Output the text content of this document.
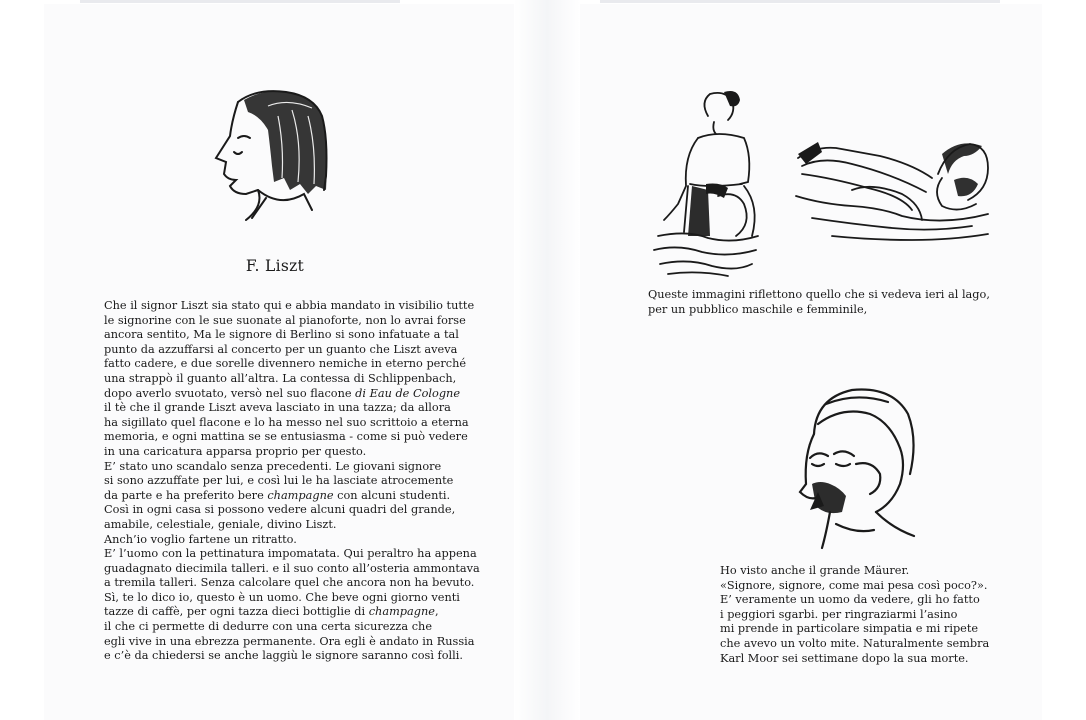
F. Liszt
Che il signor Liszt sia stato qui e abbia mandato in visibilio tutte
le signorine con le sue suonate al pianoforte, non lo avrai forse
ancora sentito, Ma le signore di Berlino si sono infatuate a tal
punto da azzuffarsi al concerto per un guanto che Liszt aveva
fatto cadere, e due sorelle divennero nemiche in eterno perché
una strappò il guanto all’altra. La contessa di Schlippenbach,
dopo averlo svuotato, versò nel suo flacone di Eau de Cologne
il tè che il grande Liszt aveva lasciato in una tazza; da allora
ha sigillato quel flacone e lo ha messo nel suo scrittoio a eterna
memoria, e ogni mattina se se entusiasma - come si può vedere
in una caricatura apparsa proprio per questo.
E’ stato uno scandalo senza precedenti. Le giovani signore
si sono azzuffate per lui, e così lui le ha lasciate atrocemente
da parte e ha preferito bere champagne con alcuni studenti.
Così in ogni casa si possono vedere alcuni quadri del grande,
amabile, celestiale, geniale, divino Liszt.
Anch’io voglio fartene un ritratto.
E’ l’uomo con la pettinatura impomatata. Qui peraltro ha appena
guadagnato diecimila talleri. e il suo conto all’osteria ammontava
a tremila talleri. Senza calcolare quel che ancora non ha bevuto.
Sì, te lo dico io, questo è un uomo. Che beve ogni giorno venti
tazze di caffè, per ogni tazza dieci bottiglie di champagne,
il che ci permette di dedurre con una certa sicurezza che
egli vive in una ebrezza permanente. Ora egli è andato in Russia
e c’è da chiedersi se anche laggiù le signore saranno così folli.
Queste immagini riflettono quello che si vedeva ieri al lago,
per un pubblico maschile e femminile,
Ho visto anche il grande Mäurer.
«Signore, signore, come mai pesa così poco?».
E’ veramente un uomo da vedere, gli ho fatto
i peggiori sgarbi. per ringraziarmi l’asino
mi prende in particolare simpatia e mi ripete
che avevo un volto mite. Naturalmente sembra
Karl Moor sei settimane dopo la sua morte.
